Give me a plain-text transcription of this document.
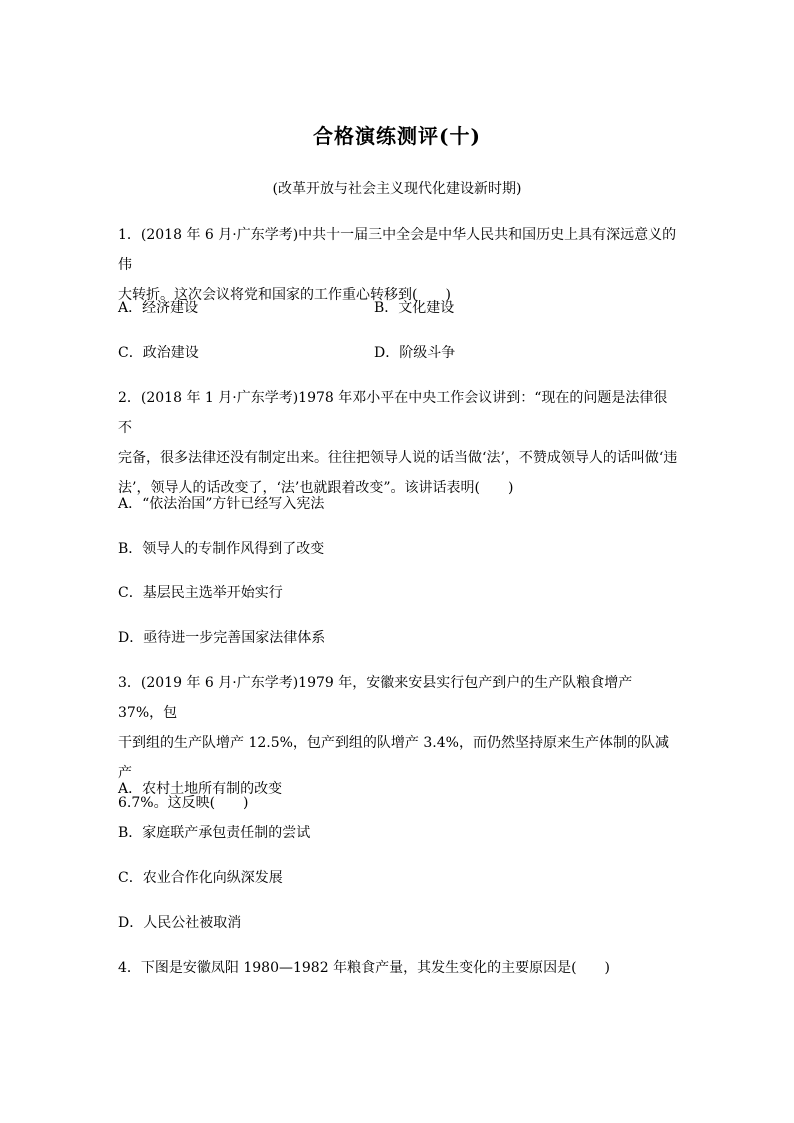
合格演练测评(十)
(改革开放与社会主义现代化建设新时期)
1．(2018 年 6 月·广东学考)中共十一届三中全会是中华人民共和国历史上具有深远意义的伟
大转折。这次会议将党和国家的工作重心转移到(　　)
A．经济建设	B．文化建设
C．政治建设	D．阶级斗争
2．(2018 年 1 月·广东学考)1978 年邓小平在中央工作会议讲到：“现在的问题是法律很不
完备，很多法律还没有制定出来。往往把领导人说的话当做‘法’，不赞成领导人的话叫做‘违
法’，领导人的话改变了，‘法’也就跟着改变”。该讲话表明(　　)
A．“依法治国”方针已经写入宪法
B．领导人的专制作风得到了改变
C．基层民主选举开始实行
D．亟待进一步完善国家法律体系
3．(2019 年 6 月·广东学考)1979 年，安徽来安县实行包产到户的生产队粮食增产 37%，包
干到组的生产队增产 12.5%，包产到组的队增产 3.4%，而仍然坚持原来生产体制的队减产
6.7%。这反映(　　)
A．农村土地所有制的改变
B．家庭联产承包责任制的尝试
C．农业合作化向纵深发展
D．人民公社被取消
4．下图是安徽凤阳 1980—1982 年粮食产量，其发生变化的主要原因是(　　)
